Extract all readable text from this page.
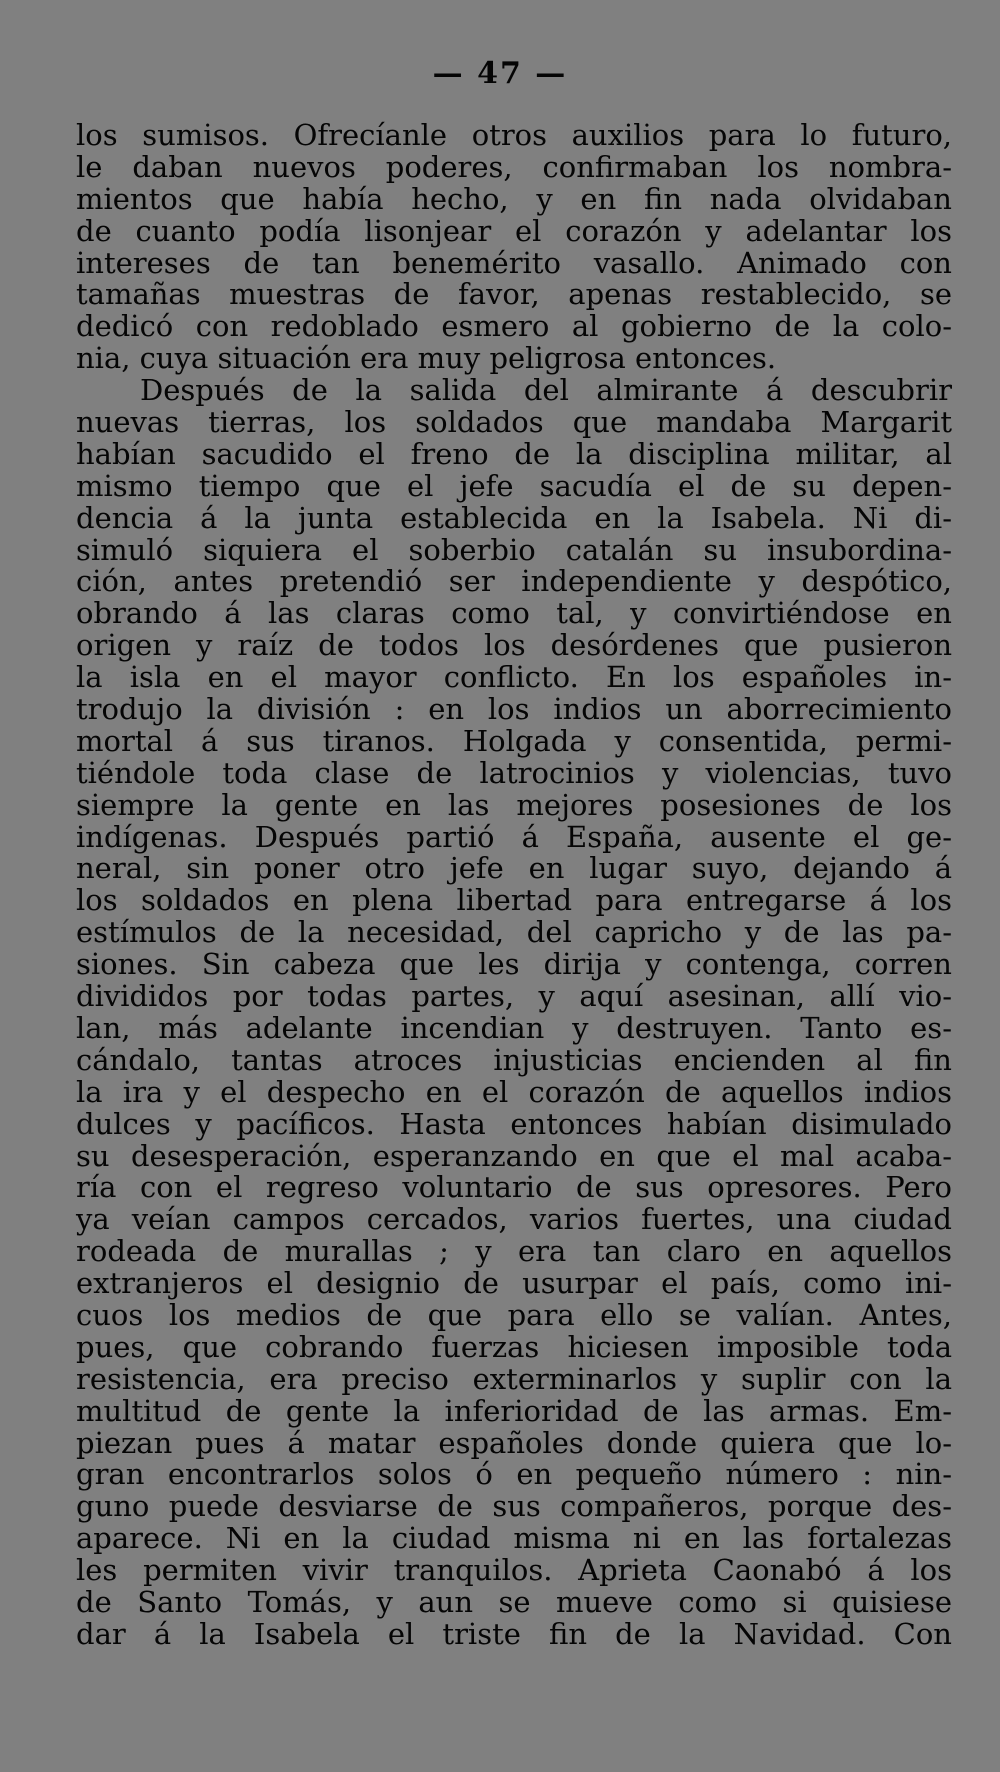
— 47 —
los sumisos. Ofrecíanle otros auxilios para lo futuro,
le daban nuevos poderes, confirmaban los nombra-
mientos que había hecho, y en fin nada olvidaban
de cuanto podía lisonjear el corazón y adelantar los
intereses de tan benemérito vasallo. Animado con
tamañas muestras de favor, apenas restablecido, se
dedicó con redoblado esmero al gobierno de la colo-
nia, cuya situación era muy peligrosa entonces.
Después de la salida del almirante á descubrir
nuevas tierras, los soldados que mandaba Margarit
habían sacudido el freno de la disciplina militar, al
mismo tiempo que el jefe sacudía el de su depen-
dencia á la junta establecida en la Isabela. Ni di-
simuló siquiera el soberbio catalán su insubordina-
ción, antes pretendió ser independiente y despótico,
obrando á las claras como tal, y convirtiéndose en
origen y raíz de todos los desórdenes que pusieron
la isla en el mayor conflicto. En los españoles in-
trodujo la división : en los indios un aborrecimiento
mortal á sus tiranos. Holgada y consentida, permi-
tiéndole toda clase de latrocinios y violencias, tuvo
siempre la gente en las mejores posesiones de los
indígenas. Después partió á España, ausente el ge-
neral, sin poner otro jefe en lugar suyo, dejando á
los soldados en plena libertad para entregarse á los
estímulos de la necesidad, del capricho y de las pa-
siones. Sin cabeza que les dirija y contenga, corren
divididos por todas partes, y aquí asesinan, allí vio-
lan, más adelante incendian y destruyen. Tanto es-
cándalo, tantas atroces injusticias encienden al fin
la ira y el despecho en el corazón de aquellos indios
dulces y pacíficos. Hasta entonces habían disimulado
su desesperación, esperanzando en que el mal acaba-
ría con el regreso voluntario de sus opresores. Pero
ya veían campos cercados, varios fuertes, una ciudad
rodeada de murallas ; y era tan claro en aquellos
extranjeros el designio de usurpar el país, como ini-
cuos los medios de que para ello se valían. Antes,
pues, que cobrando fuerzas hiciesen imposible toda
resistencia, era preciso exterminarlos y suplir con la
multitud de gente la inferioridad de las armas. Em-
piezan pues á matar españoles donde quiera que lo-
gran encontrarlos solos ó en pequeño número : nin-
guno puede desviarse de sus compañeros, porque des-
aparece. Ni en la ciudad misma ni en las fortalezas
les permiten vivir tranquilos. Aprieta Caonabó á los
de Santo Tomás, y aun se mueve como si quisiese
dar á la Isabela el triste fin de la Navidad. Con
